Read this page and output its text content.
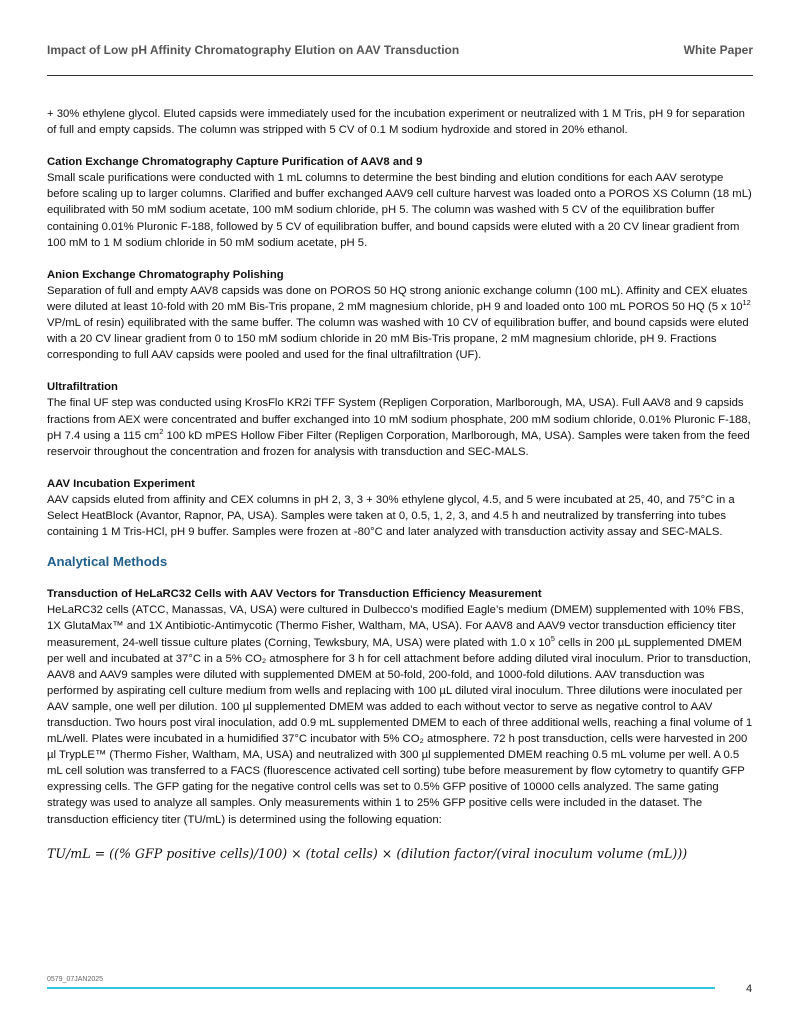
Impact of Low pH Affinity Chromatography Elution on AAV Transduction	White Paper

+ 30% ethylene glycol. Eluted capsids were immediately used for the incubation experiment or neutralized with 1 M Tris, pH 9 for separation of full and empty capsids. The column was stripped with 5 CV of 0.1 M sodium hydroxide and stored in 20% ethanol.

Cation Exchange Chromatography Capture Purification of AAV8 and 9

Small scale purifications were conducted with 1 mL columns to determine the best binding and elution conditions for each AAV serotype before scaling up to larger columns. Clarified and buffer exchanged AAV9 cell culture harvest was loaded onto a POROS XS Column (18 mL) equilibrated with 50 mM sodium acetate, 100 mM sodium chloride, pH 5. The column was washed with 5 CV of the equilibration buffer containing 0.01% Pluronic F-188, followed by 5 CV of equilibration buffer, and bound capsids were eluted with a 20 CV linear gradient from 100 mM to 1 M sodium chloride in 50 mM sodium acetate, pH 5.

Anion Exchange Chromatography Polishing

Separation of full and empty AAV8 capsids was done on POROS 50 HQ strong anionic exchange column (100 mL). Affinity and CEX eluates were diluted at least 10-fold with 20 mM Bis-Tris propane, 2 mM magnesium chloride, pH 9 and loaded onto 100 mL POROS 50 HQ (5 x $10^{12}$ VP/mL of resin) equilibrated with the same buffer. The column was washed with 10 CV of equilibration buffer, and bound capsids were eluted with a 20 CV linear gradient from 0 to 150 mM sodium chloride in 20 mM Bis-Tris propane, 2 mM magnesium chloride, pH 9. Fractions corresponding to full AAV capsids were pooled and used for the final ultrafiltration (UF).

Ultrafiltration

The final UF step was conducted using KrosFlo KR2i TFF System (Repligen Corporation, Marlborough, MA, USA). Full AAV8 and 9 capsids fractions from AEX were concentrated and buffer exchanged into 10 mM sodium phosphate, 200 mM sodium chloride, 0.01% Pluronic F-188, pH 7.4 using a 115 $cm^2$ 100 kD mPES Hollow Fiber Filter (Repligen Corporation, Marlborough, MA, USA). Samples were taken from the feed reservoir throughout the concentration and frozen for analysis with transduction and SEC-MALS.

AAV Incubation Experiment

AAV capsids eluted from affinity and CEX columns in pH 2, 3, 3 + 30% ethylene glycol, 4.5, and 5 were incubated at 25, 40, and 75°C in a Select HeatBlock (Avantor, Rapnor, PA, USA). Samples were taken at 0, 0.5, 1, 2, 3, and 4.5 h and neutralized by transferring into tubes containing 1 M Tris-HCl, pH 9 buffer. Samples were frozen at -80°C and later analyzed with transduction activity assay and SEC-MALS.

Analytical Methods

Transduction of HeLaRC32 Cells with AAV Vectors for Transduction Efficiency Measurement

HeLaRC32 cells (ATCC, Manassas, VA, USA) were cultured in Dulbecco’s modified Eagle’s medium (DMEM) supplemented with 10% FBS, 1X GlutaMax™ and 1X Antibiotic-Antimycotic (Thermo Fisher, Waltham, MA, USA). For AAV8 and AAV9 vector transduction efficiency titer measurement, 24-well tissue culture plates (Corning, Tewksbury, MA, USA) were plated with 1.0 x $10^5$ cells in 200 µL supplemented DMEM per well and incubated at 37°C in a 5% CO₂ atmosphere for 3 h for cell attachment before adding diluted viral inoculum. Prior to transduction, AAV8 and AAV9 samples were diluted with supplemented DMEM at 50-fold, 200-fold, and 1000-fold dilutions. AAV transduction was performed by aspirating cell culture medium from wells and replacing with 100 µL diluted viral inoculum. Three dilutions were inoculated per AAV sample, one well per dilution. 100 µl supplemented DMEM was added to each without vector to serve as negative control to AAV transduction. Two hours post viral inoculation, add 0.9 mL supplemented DMEM to each of three additional wells, reaching a final volume of 1 mL/well. Plates were incubated in a humidified 37°C incubator with 5% CO₂ atmosphere. 72 h post transduction, cells were harvested in 200 µl TrypLE™ (Thermo Fisher, Waltham, MA, USA) and neutralized with 300 µl supplemented DMEM reaching 0.5 mL volume per well. A 0.5 mL cell solution was transferred to a FACS (fluorescence activated cell sorting) tube before measurement by flow cytometry to quantify GFP expressing cells. The GFP gating for the negative control cells was set to 0.5% GFP positive of 10000 cells analyzed. The same gating strategy was used to analyze all samples. Only measurements within 1 to 25% GFP positive cells were included in the dataset. The transduction efficiency titer (TU/mL) is determined using the following equation:

TU/mL = ((% GFP positive cells)/100) × (total cells) × (dilution factor/(viral inoculum volume (mL)))

0579_07JAN2025
4
